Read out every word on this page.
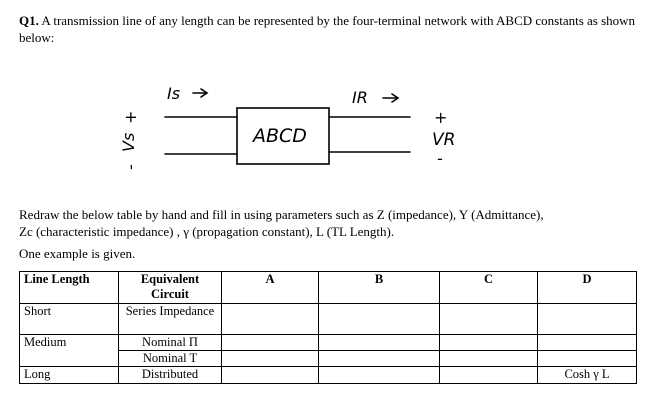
Q1. A transmission line of any length can be represented by the four-terminal network with ABCD constants as shown below:
Is	IR
ABCD
+
VR
-
+
Vs
-
Redraw the below table by hand and fill in using parameters such as Z (impedance), Y (Admittance),
Zc (characteristic impedance) , γ (propagation constant), L (TL Length).
One example is given.
Line Length	Equivalent Circuit	A	B	C	D
Short	Series Impedance				
Medium	Nominal Π				
	Nominal T				
Long	Distributed				Cosh γ L
